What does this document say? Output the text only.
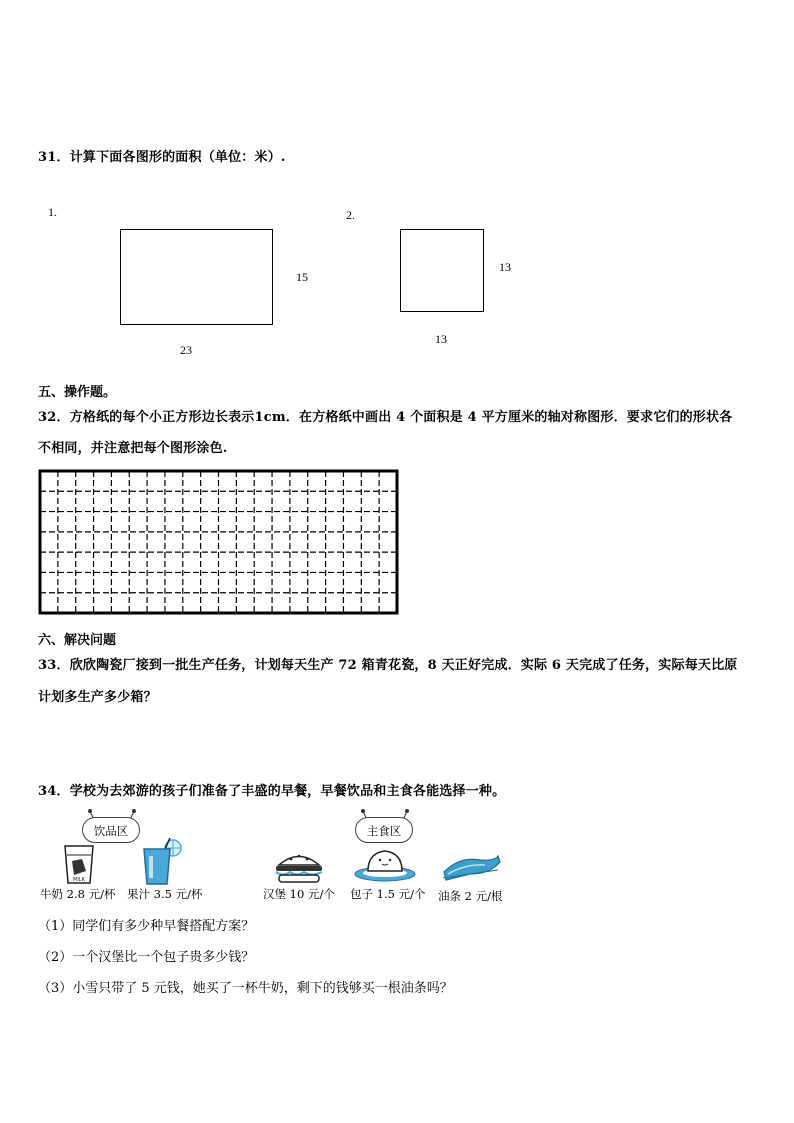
31．计算下面各图形的面积（单位：米）.
1.
15
23
2.
13
13
五、操作题。
32．方格纸的每个小正方形边长表示1cm．在方格纸中画出 4 个面积是 4 平方厘米的轴对称图形．要求它们的形状各
不相同，并注意把每个图形涂色.
六、解决问题
33．欣欣陶瓷厂接到一批生产任务，计划每天生产 72 箱青花瓷，8 天正好完成．实际 6 天完成了任务，实际每天比原
计划多生产多少箱？
34．学校为去郊游的孩子们准备了丰盛的早餐，早餐饮品和主食各能选择一种。
饮品区	主食区
MILK
牛奶 2.8 元/杯 果汁 3.5 元/杯	汉堡 10 元/个 包子 1.5 元/个 油条 2 元/根
（1）同学们有多少种早餐搭配方案？
（2）一个汉堡比一个包子贵多少钱？
（3）小雪只带了 5 元钱，她买了一杯牛奶，剩下的钱够买一根油条吗？
